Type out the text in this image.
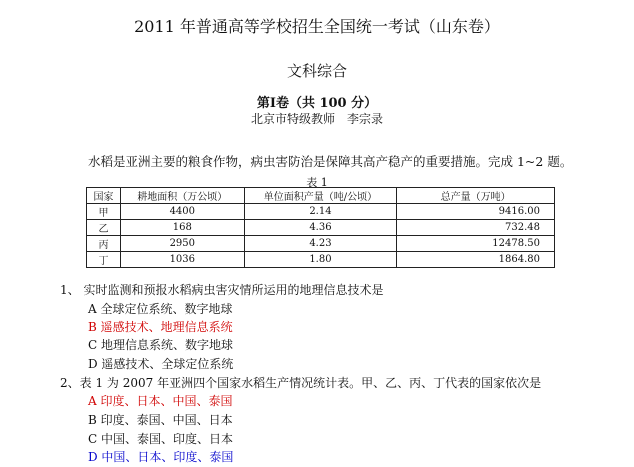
2011 年普通高等学校招生全国统一考试（山东卷）
文科综合
第Ⅰ卷（共 100 分）
北京市特级教师　李宗录
水稻是亚洲主要的粮食作物，病虫害防治是保障其高产稳产的重要措施。完成 1~2 题。
表 1
国家	耕地面积（万公顷）	单位面积产量（吨/公顷）	总产量（万吨）
甲	4400	2.14	9416.00
乙	168	4.36	732.48
丙	2950	4.23	12478.50
丁	1036	1.80	1864.80
1、 实时监测和预报水稻病虫害灾情所运用的地理信息技术是
A 全球定位系统、数字地球
B 遥感技术、地理信息系统
C 地理信息系统、数字地球
D 遥感技术、全球定位系统
2、表 1 为 2007 年亚洲四个国家水稻生产情况统计表。甲、乙、丙、丁代表的国家依次是
A 印度、日本、中国、泰国
B 印度、泰国、中国、日本
C 中国、泰国、印度、日本
D 中国、日本、印度、泰国
